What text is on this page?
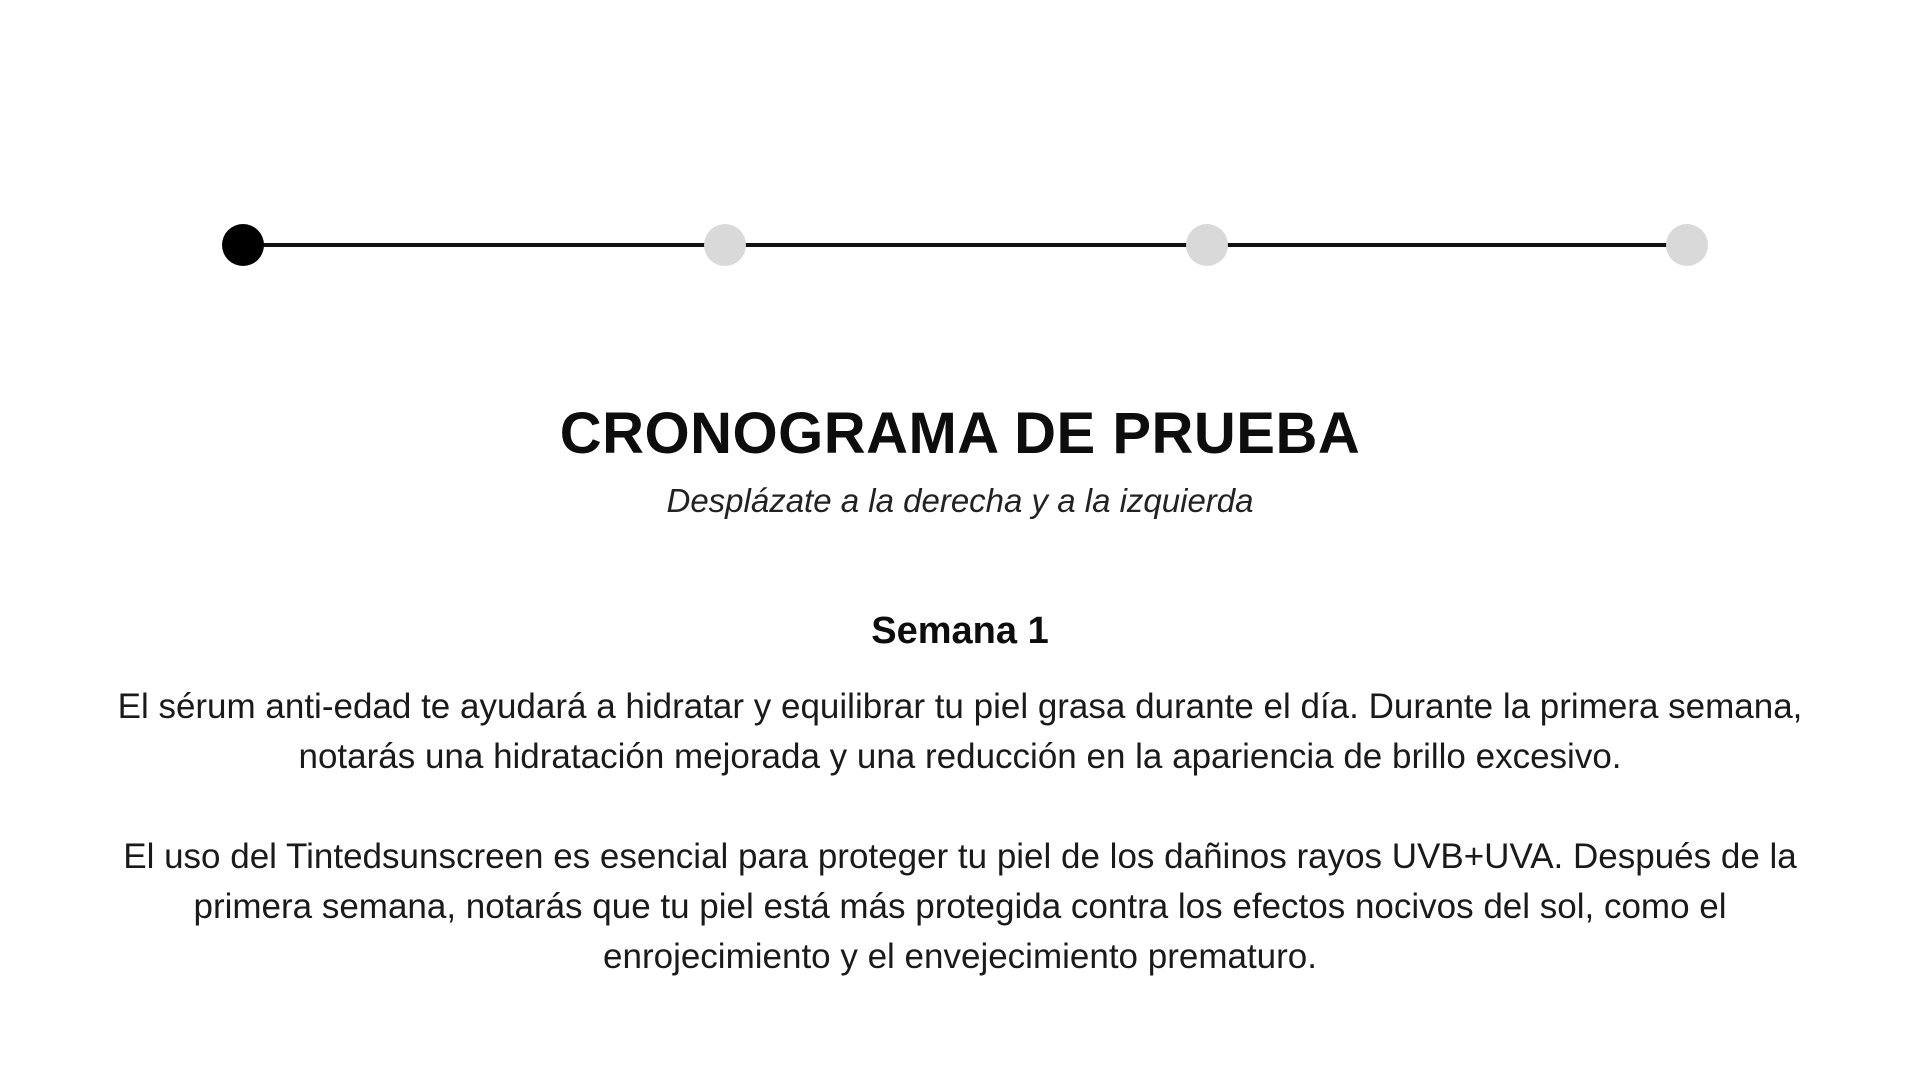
CRONOGRAMA DE PRUEBA
Desplázate a la derecha y a la izquierda
Semana 1
El sérum anti-edad te ayudará a hidratar y equilibrar tu piel grasa durante el día. Durante la primera semana, notarás una hidratación mejorada y una reducción en la apariencia de brillo excesivo.
El uso del Tintedsunscreen es esencial para proteger tu piel de los dañinos rayos UVB+UVA. Después de la primera semana, notarás que tu piel está más protegida contra los efectos nocivos del sol, como el enrojecimiento y el envejecimiento prematuro.
